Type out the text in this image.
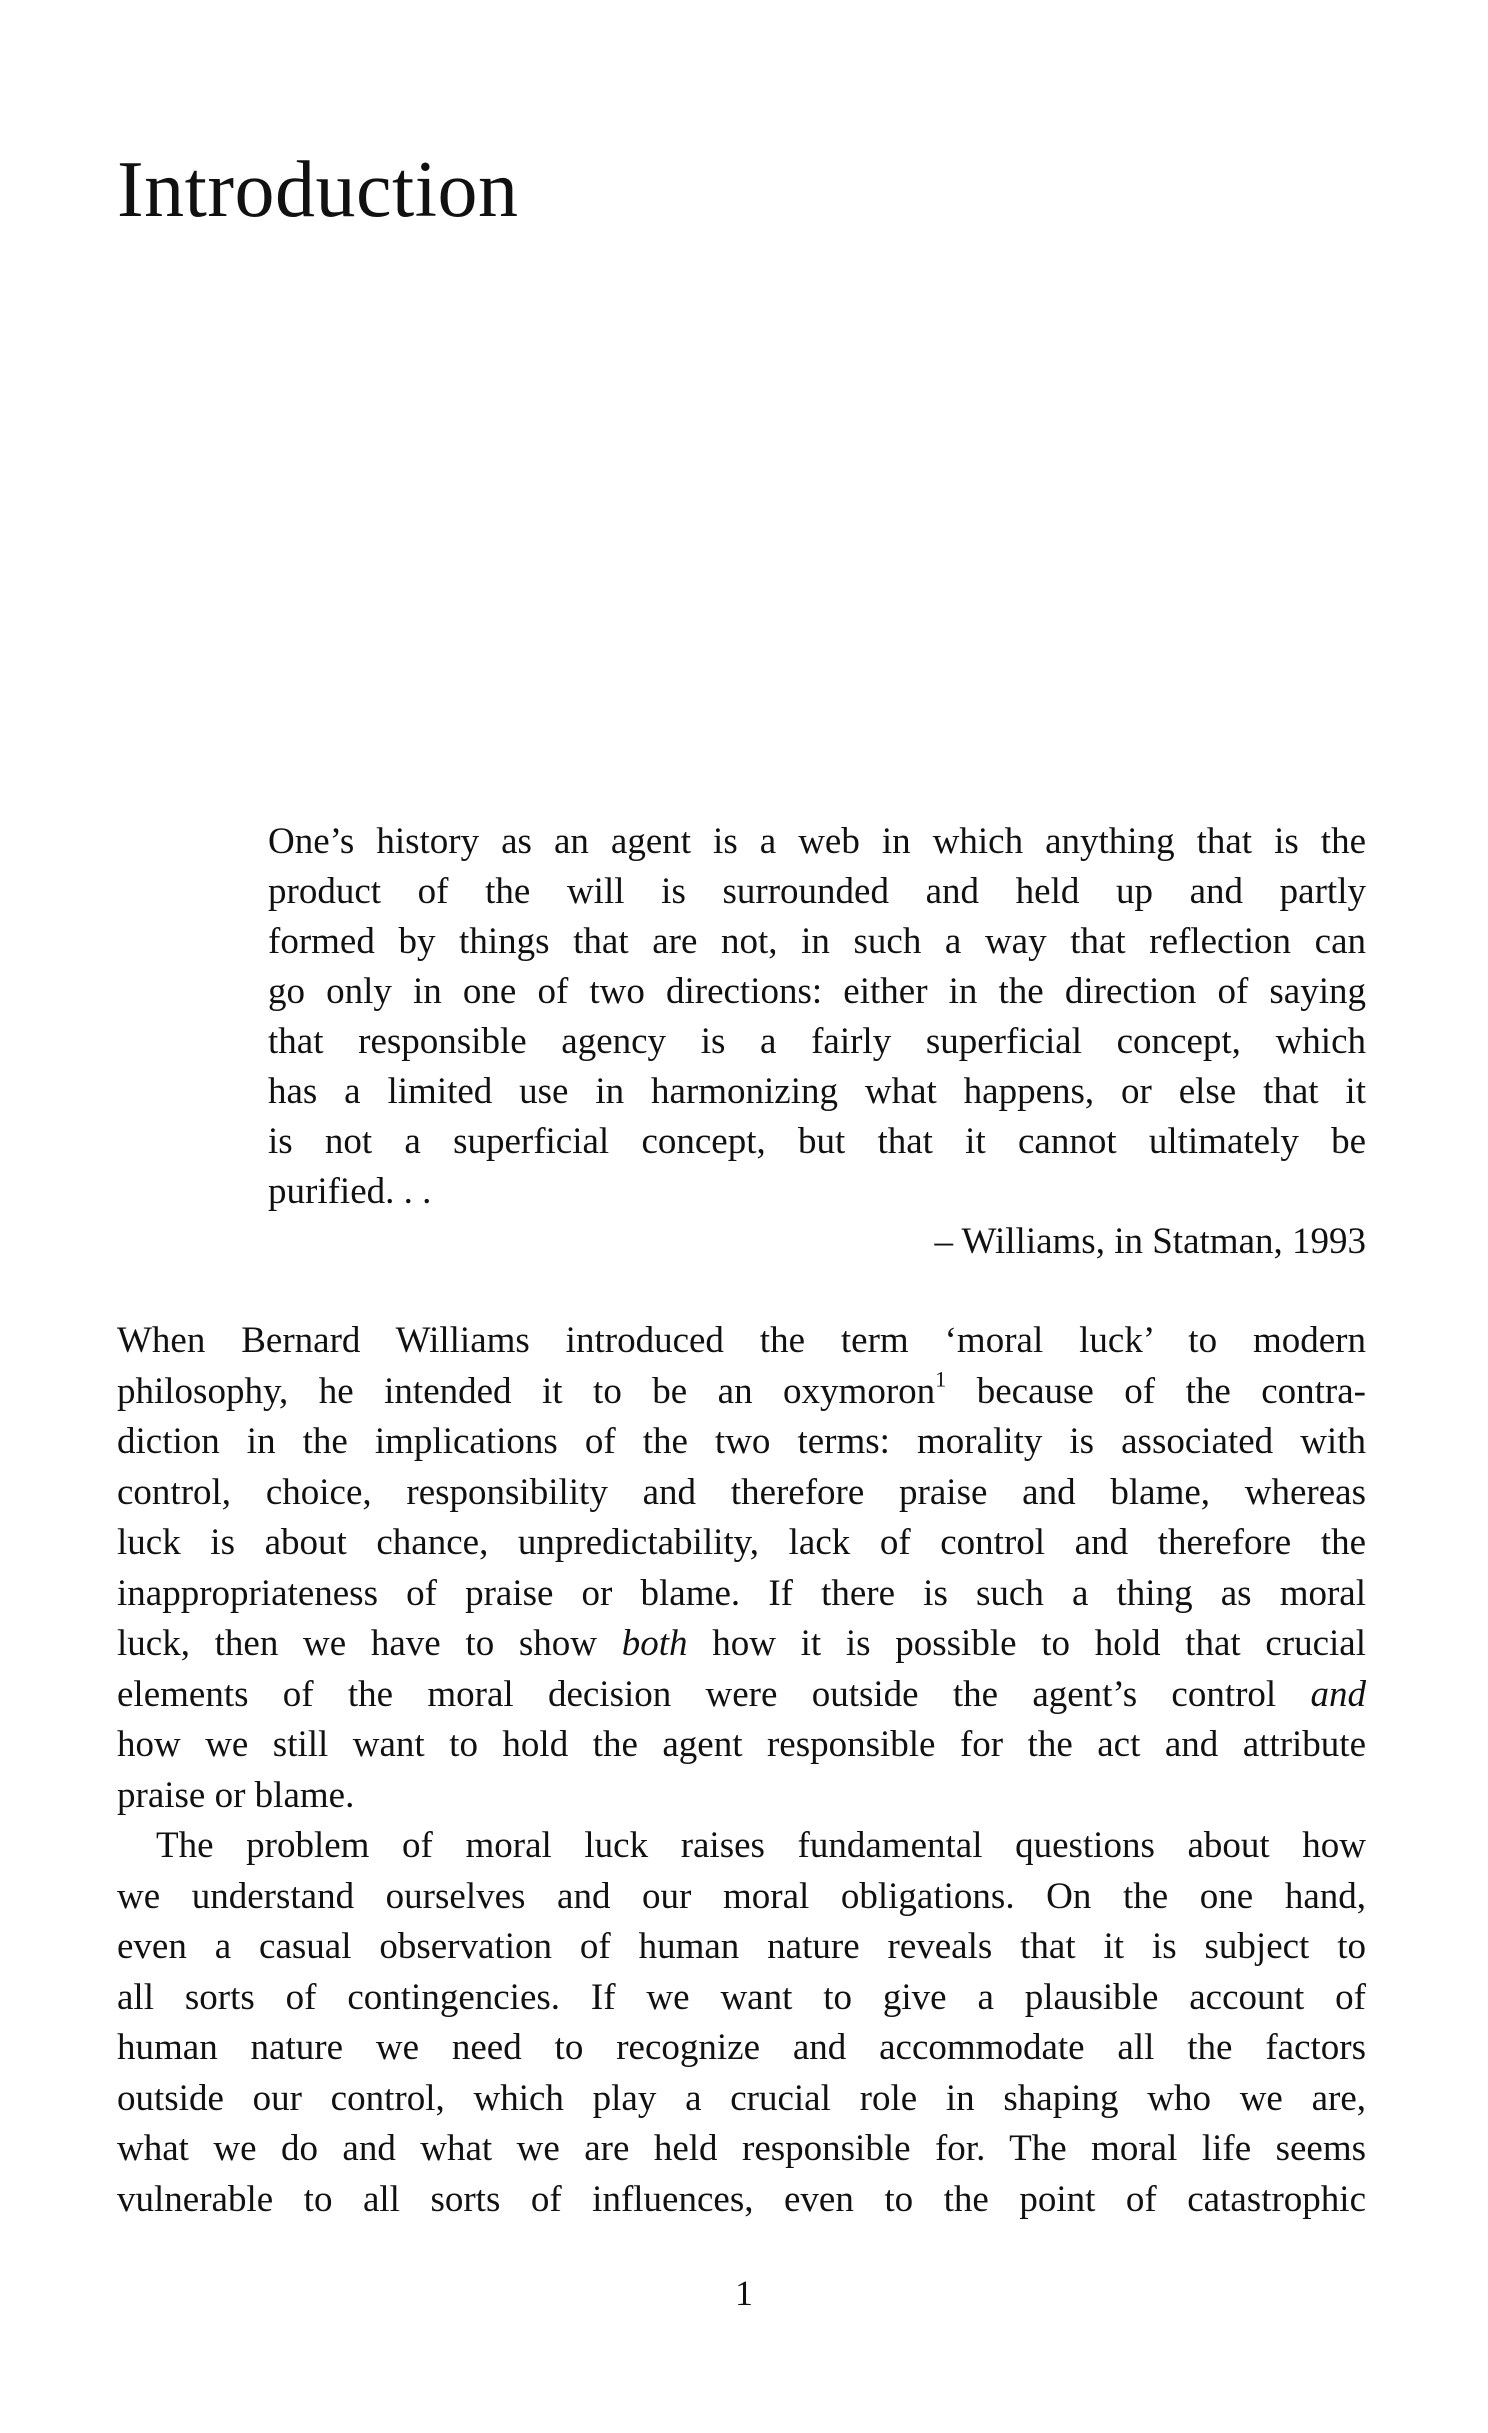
Introduction
One’s history as an agent is a web in which anything that is the
product of the will is surrounded and held up and partly
formed by things that are not, in such a way that reflection can
go only in one of two directions: either in the direction of saying
that responsible agency is a fairly superficial concept, which
has a limited use in harmonizing what happens, or else that it
is not a superficial concept, but that it cannot ultimately be
purified. . .
– Williams, in Statman, 1993
When Bernard Williams introduced the term ‘moral luck’ to modern
philosophy, he intended it to be an oxymoron$^1$ because of the contra-
diction in the implications of the two terms: morality is associated with
control, choice, responsibility and therefore praise and blame, whereas
luck is about chance, unpredictability, lack of control and therefore the
inappropriateness of praise or blame. If there is such a thing as moral
luck, then we have to show both how it is possible to hold that crucial
elements of the moral decision were outside the agent’s control and
how we still want to hold the agent responsible for the act and attribute
praise or blame.
The problem of moral luck raises fundamental questions about how
we understand ourselves and our moral obligations. On the one hand,
even a casual observation of human nature reveals that it is subject to
all sorts of contingencies. If we want to give a plausible account of
human nature we need to recognize and accommodate all the factors
outside our control, which play a crucial role in shaping who we are,
what we do and what we are held responsible for. The moral life seems
vulnerable to all sorts of influences, even to the point of catastrophic
1
